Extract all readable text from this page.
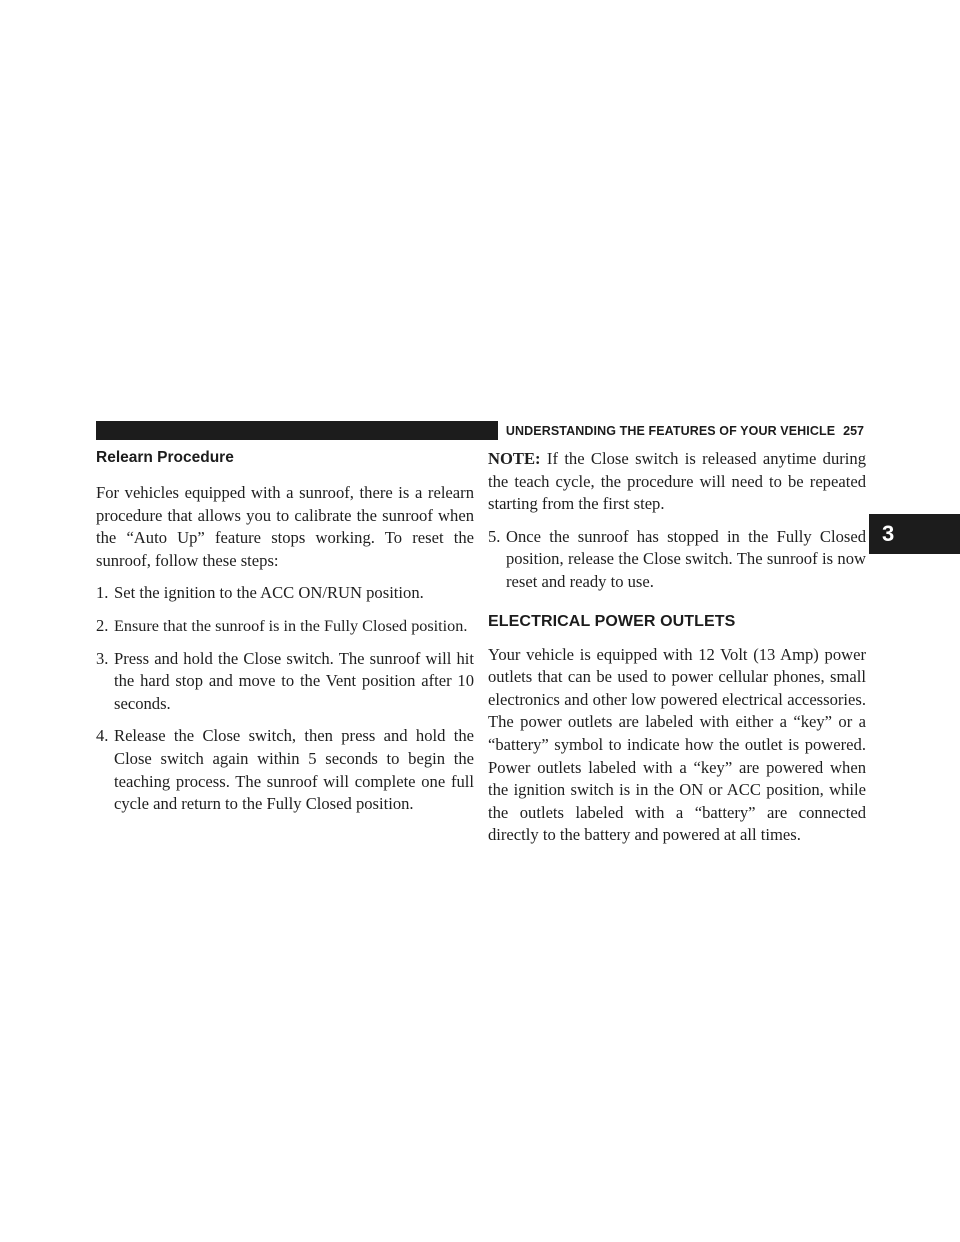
UNDERSTANDING THE FEATURES OF YOUR VEHICLE 257
3
Relearn Procedure

For vehicles equipped with a sunroof, there is a relearn procedure that allows you to calibrate the sunroof when the “Auto Up” feature stops working. To reset the sunroof, follow these steps:

1. Set the ignition to the ACC ON/RUN position.
2. Ensure that the sunroof is in the Fully Closed position.
3. Press and hold the Close switch. The sunroof will hit the hard stop and move to the Vent position after 10 seconds.
4. Release the Close switch, then press and hold the Close switch again within 5 seconds to begin the teaching process. The sunroof will complete one full cycle and return to the Fully Closed position.

NOTE: If the Close switch is released anytime during the teach cycle, the procedure will need to be repeated starting from the first step.

5. Once the sunroof has stopped in the Fully Closed position, release the Close switch. The sunroof is now reset and ready to use.
ELECTRICAL POWER OUTLETS

Your vehicle is equipped with 12 Volt (13 Amp) power outlets that can be used to power cellular phones, small electronics and other low powered electrical accessories. The power outlets are labeled with either a “key” or a “battery” symbol to indicate how the outlet is powered. Power outlets labeled with a “key” are powered when the ignition switch is in the ON or ACC position, while the outlets labeled with a “battery” are connected directly to the battery and powered at all times.
